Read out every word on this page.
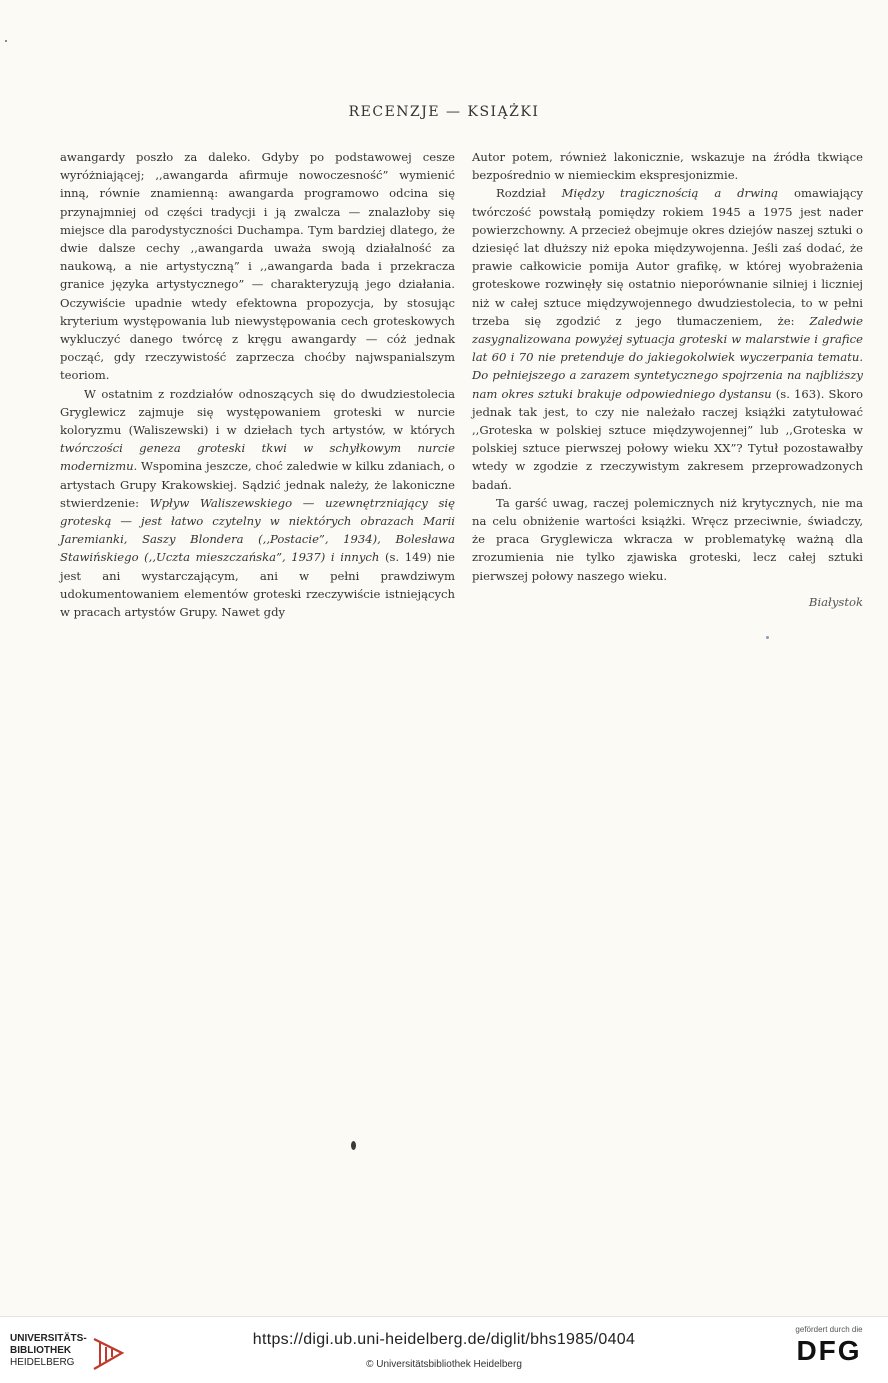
RECENZJE — KSIĄŻKI

awangardy poszło za daleko. Gdyby po podstawowej cesze wyróżniającej; ,,awangarda afirmuje nowoczesność” wymienić inną, równie znamienną: awangarda programowo odcina się przynajmniej od części tradycji i ją zwalcza — znalazłoby się miejsce dla parodystyczności Duchampa. Tym bardziej dlatego, że dwie dalsze cechy ,,awangarda uważa swoją działalność za naukową, a nie artystyczną” i ,,awangarda bada i przekracza granice języka artystycznego” — charakteryzują jego działania. Oczywiście upadnie wtedy efektowna propozycja, by stosując kryterium występowania lub niewystępowania cech groteskowych wykluczyć danego twórcę z kręgu awangardy — cóż jednak począć, gdy rzeczywistość zaprzecza choćby najwspanialszym teoriom.

W ostatnim z rozdziałów odnoszących się do dwudziestolecia Gryglewicz zajmuje się występowaniem groteski w nurcie koloryzmu (Waliszewski) i w dziełach tych artystów, w których twórczości geneza groteski tkwi w schyłkowym nurcie modernizmu. Wspomina jeszcze, choć zaledwie w kilku zdaniach, o artystach Grupy Krakowskiej. Sądzić jednak należy, że lakoniczne stwierdzenie: Wpływ Waliszewskiego — uzewnętrzniający się groteską — jest łatwo czytelny w niektórych obrazach Marii Jaremianki, Saszy Blondera (,,Postacie”, 1934), Bolesława Stawińskiego (,,Uczta mieszczańska”, 1937) i innych (s. 149) nie jest ani wystarczającym, ani w pełni prawdziwym udokumentowaniem elementów groteski rzeczywiście istniejących w pracach artystów Grupy. Nawet gdy

Autor potem, również lakonicznie, wskazuje na źródła tkwiące bezpośrednio w niemieckim ekspresjonizmie.

Rozdział Między tragicznością a drwiną omawiający twórczość powstałą pomiędzy rokiem 1945 a 1975 jest nader powierzchowny. A przecież obejmuje okres dziejów naszej sztuki o dziesięć lat dłuższy niż epoka międzywojenna. Jeśli zaś dodać, że prawie całkowicie pomija Autor grafikę, w której wyobrażenia groteskowe rozwinęły się ostatnio nieporównanie silniej i liczniej niż w całej sztuce międzywojennego dwudziestolecia, to w pełni trzeba się zgodzić z jego tłumaczeniem, że: Zaledwie zasygnalizowana powyżej sytuacja groteski w malarstwie i grafice lat 60 i 70 nie pretenduje do jakiegokolwiek wyczerpania tematu. Do pełniejszego a zarazem syntetycznego spojrzenia na najbliższy nam okres sztuki brakuje odpowiedniego dystansu (s. 163). Skoro jednak tak jest, to czy nie należało raczej książki zatytułować ,,Groteska w polskiej sztuce międzywojennej” lub ,,Groteska w polskiej sztuce pierwszej połowy wieku XX”? Tytuł pozostawałby wtedy w zgodzie z rzeczywistym zakresem przeprowadzonych badań.

Ta garść uwag, raczej polemicznych niż krytycznych, nie ma na celu obniżenie wartości książki. Wręcz przeciwnie, świadczy, że praca Gryglewicza wkracza w problematykę ważną dla zrozumienia nie tylko zjawiska groteski, lecz całej sztuki pierwszej połowy naszego wieku.

Białystok

UNIVERSITÄTS-
BIBLIOTHEK
HEIDELBERG
https://digi.ub.uni-heidelberg.de/diglit/bhs1985/0404
© Universitätsbibliothek Heidelberg
gefördert durch die
DFG
